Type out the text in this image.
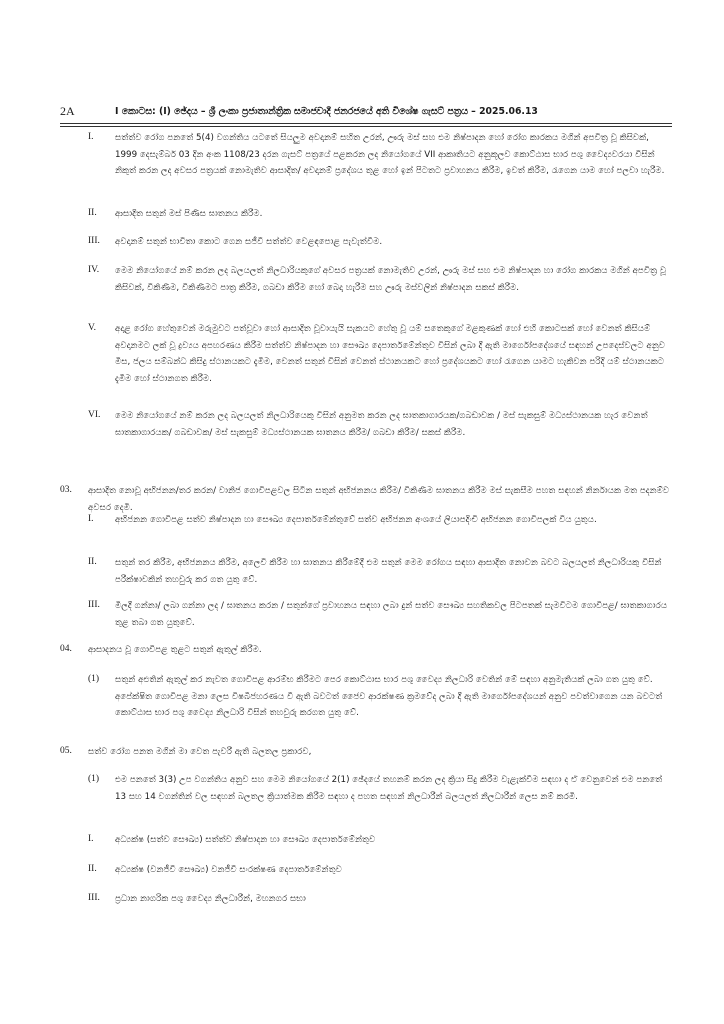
2A	I කොටස: (I) ඡේදය – ශ්‍රී ලංකා ප්‍රජාතාන්ත්‍රික සමාජවාදී ජනරජයේ අති විශේෂ ගැසට් පත්‍රය – 2025.06.13
I. සත්ත්ව රෝග පනතේ 5(4) වගන්තිය යටතේ සියලුම අවදානම් සහිත උරන්, ඌරු මස් සහ එම නිෂ්පාදන හෝ රෝග කාරකය මගින් අපවිත්‍ර වූ කිසිවක්, 1999 දෙසැම්බර් 03 දින අංක 1108/23 දරන ගැසට් පත්‍රයේ පළකරන ලද නියෝගයේ VII ආකෘතියට අනුකූලව කොට්ඨාස භාර පශු වෛද්‍යවරයා විසින් නිකුත් කරන ලද අවසර පත්‍රයක් නොමැතිව ආසාදිත/ අවදානම් ප්‍රදේශය තුළ හෝ ඉන් පිටතට ප්‍රවාහනය කිරීම, ඉවත් කිරීම, රැගෙන යාම හෝ පලවා හැරීම.

II. ආසාදිත සතුන් මස් පිණිස ඝාතනය කිරීම.

III. අවදානම් සතුන් භාවිතා කොට ගෙන සජීවී සත්ත්ව වෙළඳපොළ පැවැත්වීම.

IV. මෙම නියෝගයේ නම් කරන ලද බලයලත් නිලධාරියකුගේ අවසර පත්‍රයක් නොමැතිව උරන්, ඌරු මස් සහ එම නිෂ්පාදන හා රෝග කාරකය මගින් අපවිත්‍ර වූ කිසිවක්, විකිණීම, විකිණීමට පාත්‍ර කිරීම, ගබඩා කිරීම හෝ බෙදා හැරීම සහ ඌරු මස්වලින් නිෂ්පාදන සකස් කිරීම.

V. අදාළ රෝග හේතුවෙන් මරුමුවට පත්වූවා හෝ ආසාදිත වූවායැයි සැකයට හේතු වූ යම් සතෙකුගේ මළකුණක් හෝ එහි කොටසක් හෝ වෙනත් කිසියම් අවදානමට ලක් වූ ද්‍රව්‍යය අපහරණය කිරීම සත්ත්ව නිෂ්පාදන හා සෞඛ්‍ය දෙපාර්තමේන්තුව විසින් ලබා දී ඇති මාර්ගෝපදේශයේ සඳහන් උපදෙස්වලට අනුව මිස, ජලය සම්බන්ධ කිසිදු ස්ථානයකට දැමීම, වෙනත් සතුන් විසින් වෙනත් ස්ථානයකට හෝ ප්‍රදේශයකට හෝ රැගෙන යාමට හැකිවන පරිදි යම් ස්ථානයකට දැමීම හෝ ස්ථානගත කිරීම.

VI. මෙම නියෝගයේ නම් කරන ලද බලයලත් නිලධාරියෙකු විසින් අනුමත කරන ලද ඝාතකාගාරයක/ගබඩාවක / මස් සැකසුම් මධ්‍යස්ථානයක හැර වෙනත් ඝාතකාගාරයක/ ගබඩාවක/ මස් සැකසුම් මධ්‍යස්ථානයක ඝාතනය කිරීම/ ගබඩා කිරීම/ සකස් කිරීම.

03. ආසාදිත නොවූ අභිජනන/තර කරන/ වානිජ ගොවිපළවල සිටින සතුන් අභිජනනය කිරීම/ විකිණීම ඝාතනය කිරීම මස් සැකසීම පහත සඳහන් නිර්නායක මත පදනම්ව අවසර දෙමි.

I. අභිජනන ගොවිපළ සත්ව නිෂ්පාදන හා සෞඛ්‍ය දෙපාර්තමේන්තුවේ සත්ව අභිජනන අංශයේ ලියාපදිංචි අභිජනන ගොවිපලක් විය යුතුය.

II. සතුන් තර කිරීම, අභිජනනය කිරීම, අලෙවි කිරීම හා ඝාතනය කිරීමේදී එම සතුන් මෙම රෝගය සඳහා ආසාදිත නොවන බවට බලයලත් නිලධාරියකු විසින් පරීක්ෂාවකින් තහවුරු කර ගත යුතු වේ.

III. මිලදී ගන්නා/ ලබා ගන්නා ලද / ඝාතනය කරන / සතුන්ගේ ප්‍රවාහනය සඳහා ලබා දුන් සත්ව සෞඛ්‍ය සහතිකවල පිටපතක් සැමවිටම ගොවිපළ/ ඝාතකාගාරය තුළ තබා ගත යුතුවේ.

04. ආසාදනය වූ ගොවිපළ තුළට සතුන් ඇතුල් කිරීම.

(1) සතුන් අළුතින් ඇතුල් කර නැවත ගොවිපළ ආරම්භ කිරීමට පෙර කොට්ඨාස භාර පශු වෛද්‍ය නිලධාරි වෙතින් මේ සඳහා අනුමැතියක් ලබා ගත යුතු වේ. අපේක්ෂිත ගොවිපළ මනා ලෙස විෂබීජහරණය වී ඇති බවටත් ජෛව ආරක්ෂණ ක්‍රමවේද ලබා දී ඇති මාර්ගෝපදේශයන් අනුව පවත්වාගෙන යන බවටත් කොට්ඨාස භාර පශු වෛද්‍ය නිලධාරි විසින් තහවුරු කරගත යුතු වේ.

05. සත්ව රෝග පනත මගින් මා වෙත පැවරී ඇති බලතල ප්‍රකාරව,

(1) එම පනතේ 3(3) උප වගන්තිය අනුව සහ මෙම නියෝගයේ 2(1) ඡේදයේ තහනම් කරන ලද ක්‍රියා සිදු කිරීම වැළැක්වීම සඳහා ද ඒ වෙනුවෙන් එම පනතේ 13 සහ 14 වගන්තින් වල සඳහන් බලතල ක්‍රියාත්මක කිරීම සඳහා ද පහත සඳහන් නිලධාරීන් බලයලත් නිලධාරීන් ලෙස නම් කරමි.

I. අධ්‍යක්ෂ (සත්ව සෞඛ්‍ය) සත්ත්ව නිෂ්පාදන හා සෞඛ්‍ය දෙපාර්තමේන්තුව

II. අධ්‍යක්ෂ (වනජීවී සෞඛ්‍ය) වනජීවී සංරක්ෂණ දෙපාර්තමේන්තුව

III. ප්‍රධාන නාගරික පශු වෛද්‍ය නිලධාරීන්, මහනගර සභා
